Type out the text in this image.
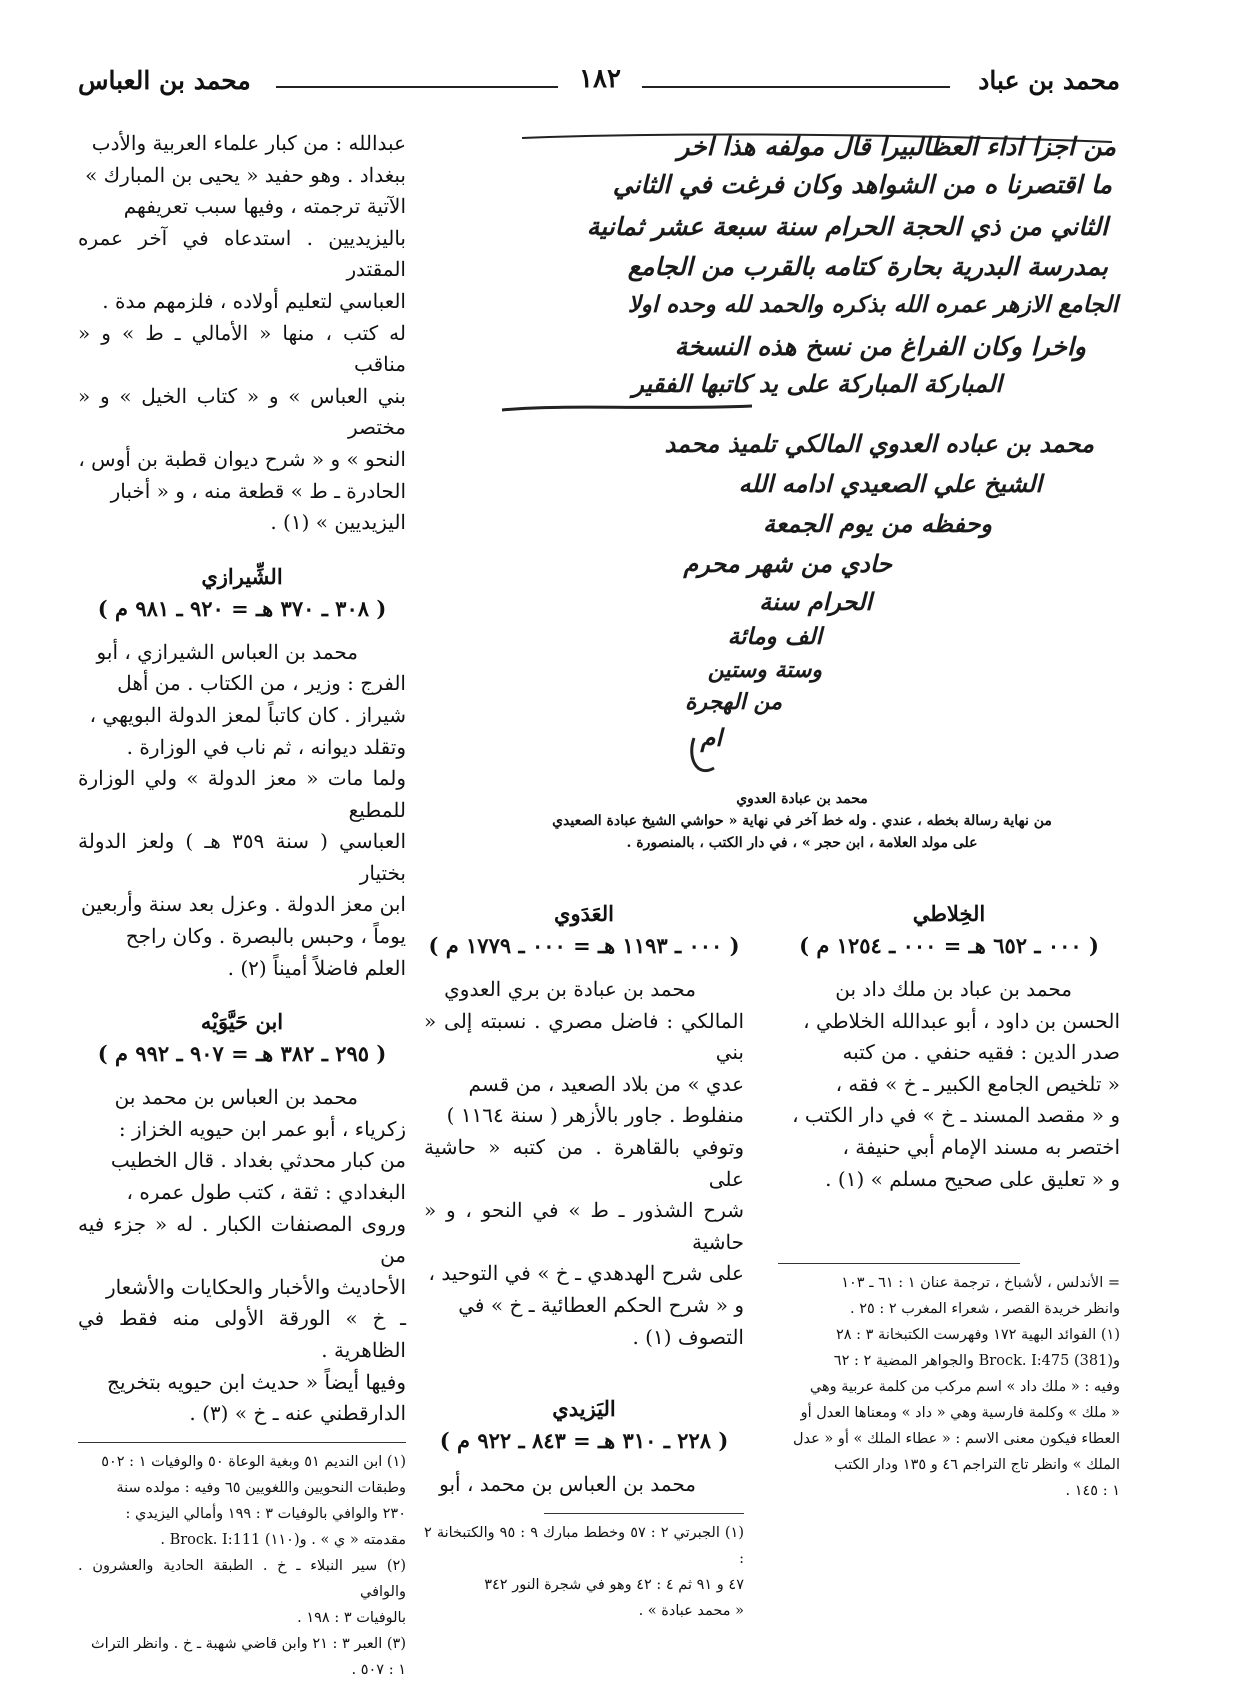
محمد بن عباد
١٨٢
محمد بن العباس

عبدالله : من كبار علماء العربية والأدب

ببغداد . وهو حفيد « يحيى بن المبارك »

الآتية ترجمته ، وفيها سبب تعريفهم

باليزيديين . استدعاه في آخر عمره المقتدر

العباسي لتعليم أولاده ، فلزمهم مدة .

له كتب ، منها « الأمالي ـ ط » و « مناقب

بني العباس » و « كتاب الخيل » و « مختصر

النحو » و « شرح ديوان قطبة بن أوس ،

الحادرة ـ ط » قطعة منه ، و « أخبار

اليزيديين » (١) .

الشِّيرازي
( ٣٠٨ ـ ٣٧٠ هـ = ٩٢٠ ـ ٩٨١ م )

محمد بن العباس الشيرازي ، أبو

الفرج : وزير ، من الكتاب . من أهل

شيراز . كان كاتباً لمعز الدولة البويهي ،

وتقلد ديوانه ، ثم ناب في الوزارة .

ولما مات « معز الدولة » ولي الوزارة للمطيع

العباسي ( سنة ٣٥٩ هـ ) ولعز الدولة بختيار

ابن معز الدولة . وعزل بعد سنة وأربعين

يوماً ، وحبس بالبصرة . وكان راجح

العلم فاضلاً أميناً (٢) .

ابن حَيَّوَيْه
( ٢٩٥ ـ ٣٨٢ هـ = ٩٠٧ ـ ٩٩٢ م )

محمد بن العباس بن محمد بن

زكرياء ، أبو عمر ابن حيويه الخزاز :

من كبار محدثي بغداد . قال الخطيب

البغدادي : ثقة ، كتب طول عمره ،

وروى المصنفات الكبار . له « جزء فيه من

الأحاديث والأخبار والحكايات والأشعار

ـ خ » الورقة الأولى منه فقط في الظاهرية .

وفيها أيضاً « حديث ابن حيويه بتخريج

الدارقطني عنه ـ خ » (٣) .

(١) ابن النديم ٥١ وبغية الوعاة ٥٠ والوفيات ١ : ٥٠٢

وطبقات النحويين واللغويين ٦٥ وفيه : مولده سنة

٢٣٠ والوافي بالوفيات ٣ : ١٩٩ وأمالي اليزيدي :

مقدمته « ي » . و(١١٠) Brock. I:111 .

(٢) سير النبلاء ـ خ . الطبقة الحادية والعشرون . والوافي

بالوفيات ٣ : ١٩٨ .

(٣) العبر ٣ : ٢١ وابن قاضي شهبة ـ خ . وانظر التراث

١ : ٥٠٧ .

من اجزا اداء العظالبيرا قال مولفه هذا اخر
ما اقتصرنا ه من الشواهد وكان فرغت في الثاني
الثاني من ذي الحجة الحرام سنة سبعة عشر ثمانية
بمدرسة البدرية بحارة كتامه بالقرب من الجامع
الجامع الازهر عمره الله بذكره والحمد لله وحده اولا
واخرا وكان الفراغ من نسخ هذه النسخة
المباركة المباركة على يد كاتبها الفقير
محمد بن عباده العدوي المالكي تلميذ محمد
الشيخ علي الصعيدي ادامه الله
وحفظه من يوم الجمعة
حادي من شهر محرم
الحرام سنة
الف ومائة
وستة وستين
من الهجرة
ام
محمد بن عبادة العدوي
من نهاية رسالة بخطه ، عندي . وله خط آخر في نهاية « حواشي الشيخ عبادة الصعيدي
على مولد العلامة ، ابن حجر » ، في دار الكتب ، بالمنصورة .
العَدَوي
( ٠٠٠ ـ ١١٩٣ هـ = ٠٠٠ ـ ١٧٧٩ م )

محمد بن عبادة بن بري العدوي

المالكي : فاضل مصري . نسبته إلى « بني

عدي » من بلاد الصعيد ، من قسم

منفلوط . جاور بالأزهر ( سنة ١١٦٤ )

وتوفي بالقاهرة . من كتبه « حاشية على

شرح الشذور ـ ط » في النحو ، و « حاشية

على شرح الهدهدي ـ خ » في التوحيد ،

و « شرح الحكم العطائية ـ خ » في

التصوف (١) .

اليَزيدي
( ٢٢٨ ـ ٣١٠ هـ = ٨٤٣ ـ ٩٢٢ م )

محمد بن العباس بن محمد ، أبو

(١) الجبرتي ٢ : ٥٧ وخطط مبارك ٩ : ٩٥ والكتبخانة ٢ :

٤٧ و ٩١ ثم ٤ : ٤٢ وهو في شجرة النور ٣٤٢

« محمد عبادة » .

الخِلاطي
( ٠٠٠ ـ ٦٥٢ هـ = ٠٠٠ ـ ١٢٥٤ م )

محمد بن عباد بن ملك داد بن

الحسن بن داود ، أبو عبدالله الخلاطي ،

صدر الدين : فقيه حنفي . من كتبه

« تلخيص الجامع الكبير ـ خ » فقه ،

و « مقصد المسند ـ خ » في دار الكتب ،

اختصر به مسند الإمام أبي حنيفة ،

و « تعليق على صحيح مسلم » (١) .

= الأندلس ، لأشباخ ، ترجمة عنان ١ : ٦١ ـ ١٠٣

وانظر خريدة القصر ، شعراء المغرب ٢ : ٢٥ .

(١) الفوائد البهية ١٧٢ وفهرست الكتبخانة ٣ : ٢٨

و(381) Brock. I:475 والجواهر المضية ٢ : ٦٢

وفيه : « ملك داد » اسم مركب من كلمة عربية وهي

« ملك » وكلمة فارسية وهي « داد » ومعناها العدل أو

العطاء فيكون معنى الاسم : « عطاء الملك » أو « عدل

الملك » وانظر تاج التراجم ٤٦ و ١٣٥ ودار الكتب

١ : ١٤٥ .
